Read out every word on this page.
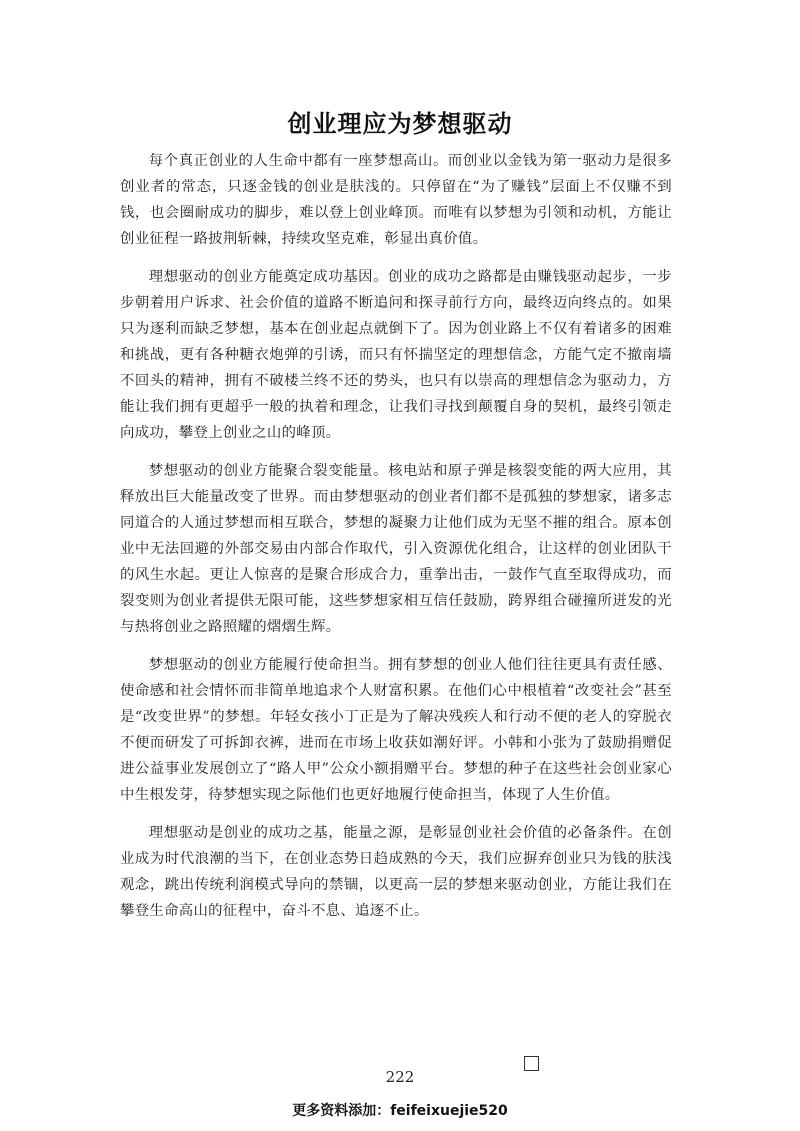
创业理应为梦想驱动

每个真正创业的人生命中都有一座梦想高山。而创业以金钱为第一驱动力是很多创业者的常态，只逐金钱的创业是肤浅的。只停留在“为了赚钱”层面上不仅赚不到钱，也会圈耐成功的脚步，难以登上创业峰顶。而唯有以梦想为引领和动机，方能让创业征程一路披荆斩棘，持续攻坚克难，彰显出真价值。

理想驱动的创业方能奠定成功基因。创业的成功之路都是由赚钱驱动起步，一步步朝着用户诉求、社会价值的道路不断追问和探寻前行方向，最终迈向终点的。如果只为逐利而缺乏梦想，基本在创业起点就倒下了。因为创业路上不仅有着诸多的困难和挑战，更有各种糖衣炮弹的引诱，而只有怀揣坚定的理想信念，方能气定不撤南墙不回头的精神，拥有不破楼兰终不还的势头，也只有以崇高的理想信念为驱动力，方能让我们拥有更超乎一般的执着和理念，让我们寻找到颠覆自身的契机，最终引领走向成功，攀登上创业之山的峰顶。

梦想驱动的创业方能聚合裂变能量。核电站和原子弹是核裂变能的两大应用，其释放出巨大能量改变了世界。而由梦想驱动的创业者们都不是孤独的梦想家，诸多志同道合的人通过梦想而相互联合，梦想的凝聚力让他们成为无坚不摧的组合。原本创业中无法回避的外部交易由内部合作取代，引入资源优化组合，让这样的创业团队干的风生水起。更让人惊喜的是聚合形成合力，重拳出击，一鼓作气直至取得成功，而裂变则为创业者提供无限可能，这些梦想家相互信任鼓励，跨界组合碰撞所迸发的光与热将创业之路照耀的熠熠生辉。

梦想驱动的创业方能履行使命担当。拥有梦想的创业人他们往往更具有责任感、使命感和社会情怀而非简单地追求个人财富积累。在他们心中根植着“改变社会”甚至是“改变世界”的梦想。年轻女孩小丁正是为了解决残疾人和行动不便的老人的穿脱衣不便而研发了可拆卸衣裤，进而在市场上收获如潮好评。小韩和小张为了鼓励捐赠促进公益事业发展创立了“路人甲”公众小额捐赠平台。梦想的种子在这些社会创业家心中生根发芽，待梦想实现之际他们也更好地履行使命担当，体现了人生价值。

理想驱动是创业的成功之基，能量之源，是彰显创业社会价值的必备条件。在创业成为时代浪潮的当下，在创业态势日趋成熟的今天，我们应摒弃创业只为钱的肤浅观念，跳出传统利润模式导向的禁锢，以更高一层的梦想来驱动创业，方能让我们在攀登生命高山的征程中，奋斗不息、追逐不止。

222
更多资料添加：feifeixuejie520
